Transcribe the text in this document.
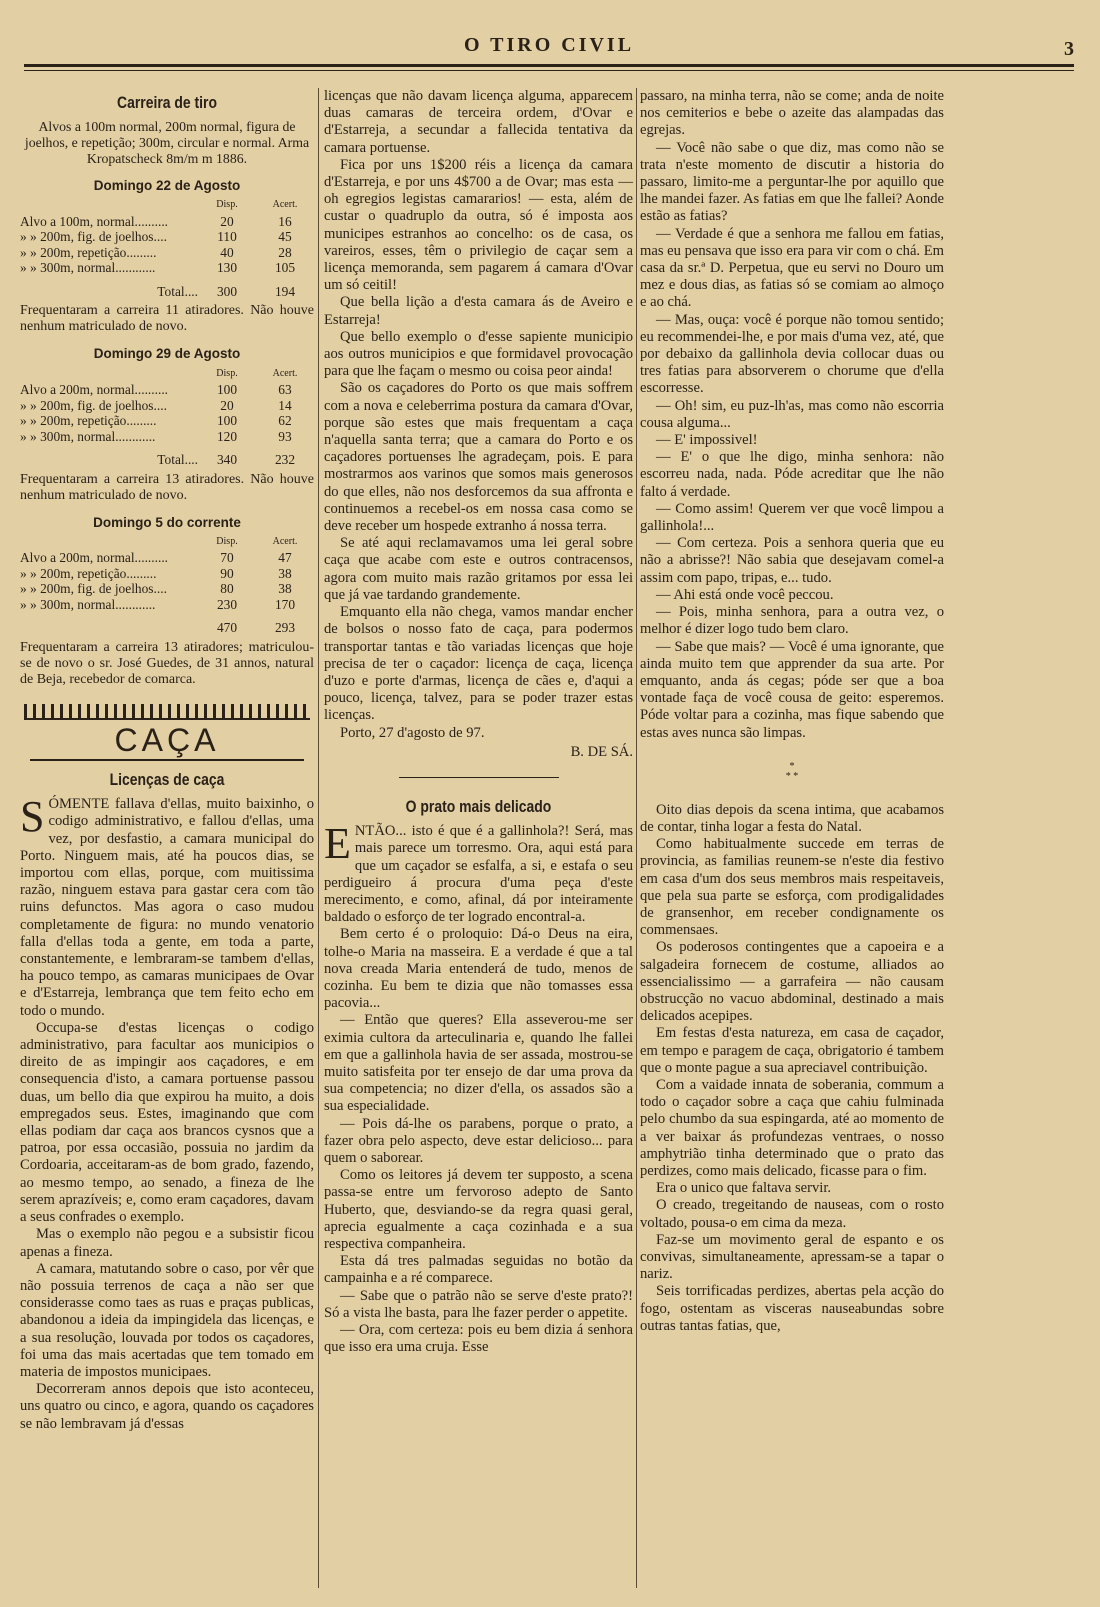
O TIRO CIVIL	3
Carreira de tiro
Alvos a 100m normal, 200m normal, figura de joelhos, e repetição; 300m, circular e normal. Arma Kropatscheck 8m/m m 1886.
Domingo 22 de Agosto
	Disp.	Acert.
Alvo a 100m, normal..........	20	16
» » 200m, fig. de joelhos....	110	45
» » 200m, repetição.........	40	28
» » 300m, normal............	130	105
Total....	300	194
Frequentaram a carreira 11 atiradores. Não houve nenhum matriculado de novo.
Domingo 29 de Agosto
	Disp.	Acert.
Alvo a 200m, normal..........	100	63
» » 200m, fig. de joelhos....	20	14
» » 200m, repetição.........	100	62
» » 300m, normal............	120	93
Total....	340	232
Frequentaram a carreira 13 atiradores. Não houve nenhum matriculado de novo.
Domingo 5 do corrente
	Disp.	Acert.
Alvo a 200m, normal..........	70	47
» » 200m, repetição.........	90	38
» » 200m, fig. de joelhos....	80	38
» » 300m, normal............	230	170
	470	293
Frequentaram a carreira 13 atiradores; matriculou-se de novo o sr. José Guedes, de 31 annos, natural de Beja, recebedor de comarca.
CAÇA
Licenças de caça

SÓMENTE fallava d'ellas, muito baixinho, o codigo administrativo, e fallou d'ellas, uma vez, por desfastio, a camara municipal do Porto. Ninguem mais, até ha poucos dias, se importou com ellas, porque, com muitissima razão, ninguem estava para gastar cera com tão ruins defunctos. Mas agora o caso mudou completamente de figura: no mundo venatorio falla d'ellas toda a gente, em toda a parte, constantemente, e lembraram-se tambem d'ellas, ha pouco tempo, as camaras municipaes de Ovar e d'Estarreja, lembrança que tem feito echo em todo o mundo.

Occupa-se d'estas licenças o codigo administrativo, para facultar aos municipios o direito de as impingir aos caçadores, e em consequencia d'isto, a camara portuense passou duas, um bello dia que expirou ha muito, a dois empregados seus. Estes, imaginando que com ellas podiam dar caça aos brancos cysnos que a patroa, por essa occasião, possuia no jardim da Cordoaria, acceitaram-as de bom grado, fazendo, ao mesmo tempo, ao senado, a fineza de lhe serem aprazíveis; e, como eram caçadores, davam a seus confrades o exemplo.

Mas o exemplo não pegou e a subsistir ficou apenas a fineza.

A camara, matutando sobre o caso, por vêr que não possuia terrenos de caça a não ser que considerasse como taes as ruas e praças publicas, abandonou a ideia da impingidela das licenças, e a sua resolução, louvada por todos os caçadores, foi uma das mais acertadas que tem tomado em materia de impostos municipaes.

Decorreram annos depois que isto aconteceu, uns quatro ou cinco, e agora, quando os caçadores se não lembravam já d'essas

licenças que não davam licença alguma, apparecem duas camaras de terceira ordem, d'Ovar e d'Estarreja, a secundar a fallecida tentativa da camara portuense.

Fica por uns 1$200 réis a licença da camara d'Estarreja, e por uns 4$700 a de Ovar; mas esta — oh egregios legistas camararios! — esta, além de custar o quadruplo da outra, só é imposta aos municipes estranhos ao concelho: os de casa, os vareiros, esses, têm o privilegio de caçar sem a licença memoranda, sem pagarem á camara d'Ovar um só ceitil!

Que bella lição a d'esta camara ás de Aveiro e Estarreja!

Que bello exemplo o d'esse sapiente municipio aos outros municipios e que formidavel provocação para que lhe façam o mesmo ou coisa peor ainda!

São os caçadores do Porto os que mais soffrem com a nova e celeberrima postura da camara d'Ovar, porque são estes que mais frequentam a caça n'aquella santa terra; que a camara do Porto e os caçadores portuenses lhe agradeçam, pois. E para mostrarmos aos varinos que somos mais generosos do que elles, não nos desforcemos da sua affronta e continuemos a recebel-os em nossa casa como se deve receber um hospede extranho á nossa terra.

Se até aqui reclamavamos uma lei geral sobre caça que acabe com este e outros contracensos, agora com muito mais razão gritamos por essa lei que já vae tardando grandemente.

Emquanto ella não chega, vamos mandar encher de bolsos o nosso fato de caça, para podermos transportar tantas e tão variadas licenças que hoje precisa de ter o caçador: licença de caça, licença d'uzo e porte d'armas, licença de cães e, d'aqui a pouco, licença, talvez, para se poder trazer estas licenças.

Porto, 27 d'agosto de 97.

B. DE SÁ.
O prato mais delicado

ENTÃO... isto é que é a gallinhola?! Será, mas mais parece um torresmo. Ora, aqui está para que um caçador se esfalfa, a si, e estafa o seu perdigueiro á procura d'uma peça d'este merecimento, e como, afinal, dá por inteiramente baldado o esforço de ter logrado encontral-a.

Bem certo é o proloquio: Dá-o Deus na eira, tolhe-o Maria na masseira. E a verdade é que a tal nova creada Maria entenderá de tudo, menos de cozinha. Eu bem te dizia que não tomasses essa pacovia...

— Então que queres? Ella asseverou-me ser eximia cultora da arteculinaria e, quando lhe fallei em que a gallinhola havia de ser assada, mostrou-se muito satisfeita por ter ensejo de dar uma prova da sua competencia; no dizer d'ella, os assados são a sua especialidade.

— Pois dá-lhe os parabens, porque o prato, a fazer obra pelo aspecto, deve estar delicioso... para quem o saborear.

Como os leitores já devem ter supposto, a scena passa-se entre um fervoroso adepto de Santo Huberto, que, desviando-se da regra quasi geral, aprecia egualmente a caça cozinhada e a sua respectiva companheira.

Esta dá tres palmadas seguidas no botão da campainha e a ré comparece.

— Sabe que o patrão não se serve d'este prato?! Só a vista lhe basta, para lhe fazer perder o appetite.

— Ora, com certeza: pois eu bem dizia á senhora que isso era uma cruja. Esse

passaro, na minha terra, não se come; anda de noite nos cemiterios e bebe o azeite das alampadas das egrejas.

— Você não sabe o que diz, mas como não se trata n'este momento de discutir a historia do passaro, limito-me a perguntar-lhe por aquillo que lhe mandei fazer. As fatias em que lhe fallei? Aonde estão as fatias?

— Verdade é que a senhora me fallou em fatias, mas eu pensava que isso era para vir com o chá. Em casa da sr.ª D. Perpetua, que eu servi no Douro um mez e dous dias, as fatias só se comiam ao almoço e ao chá.

— Mas, ouça: você é porque não tomou sentido; eu recommendei-lhe, e por mais d'uma vez, até, que por debaixo da gallinhola devia collocar duas ou tres fatias para absorverem o chorume que d'ella escorresse.

— Oh! sim, eu puz-lh'as, mas como não escorria cousa alguma...

— E' impossivel!

— E' o que lhe digo, minha senhora: não escorreu nada, nada. Póde acreditar que lhe não falto á verdade.

— Como assim! Querem ver que você limpou a gallinhola!...

— Com certeza. Pois a senhora queria que eu não a abrisse?! Não sabia que desejavam comel-a assim com papo, tripas, e... tudo.

— Ahi está onde você peccou.

— Pois, minha senhora, para a outra vez, o melhor é dizer logo tudo bem claro.

— Sabe que mais? — Você é uma ignorante, que ainda muito tem que apprender da sua arte. Por emquanto, anda ás cegas; póde ser que a boa vontade faça de você cousa de geito: esperemos. Póde voltar para a cozinha, mas fique sabendo que estas aves nunca são limpas.

*
* *

Oito dias depois da scena intima, que acabamos de contar, tinha logar a festa do Natal.

Como habitualmente succede em terras de provincia, as familias reunem-se n'este dia festivo em casa d'um dos seus membros mais respeitaveis, que pela sua parte se esforça, com prodigalidades de gransenhor, em receber condignamente os commensaes.

Os poderosos contingentes que a capoeira e a salgadeira fornecem de costume, alliados ao essencialissimo — a garrafeira — não causam obstrucção no vacuo abdominal, destinado a mais delicados acepipes.

Em festas d'esta natureza, em casa de caçador, em tempo e paragem de caça, obrigatorio é tambem que o monte pague a sua apreciavel contribuição.

Com a vaidade innata de soberania, commum a todo o caçador sobre a caça que cahiu fulminada pelo chumbo da sua espingarda, até ao momento de a ver baixar ás profundezas ventraes, o nosso amphytrião tinha determinado que o prato das perdizes, como mais delicado, ficasse para o fim.

Era o unico que faltava servir.

O creado, tregeitando de nauseas, com o rosto voltado, pousa-o em cima da meza.

Faz-se um movimento geral de espanto e os convivas, simultaneamente, apressam-se a tapar o nariz.

Seis torrificadas perdizes, abertas pela acção do fogo, ostentam as visceras nauseabundas sobre outras tantas fatias, que,
